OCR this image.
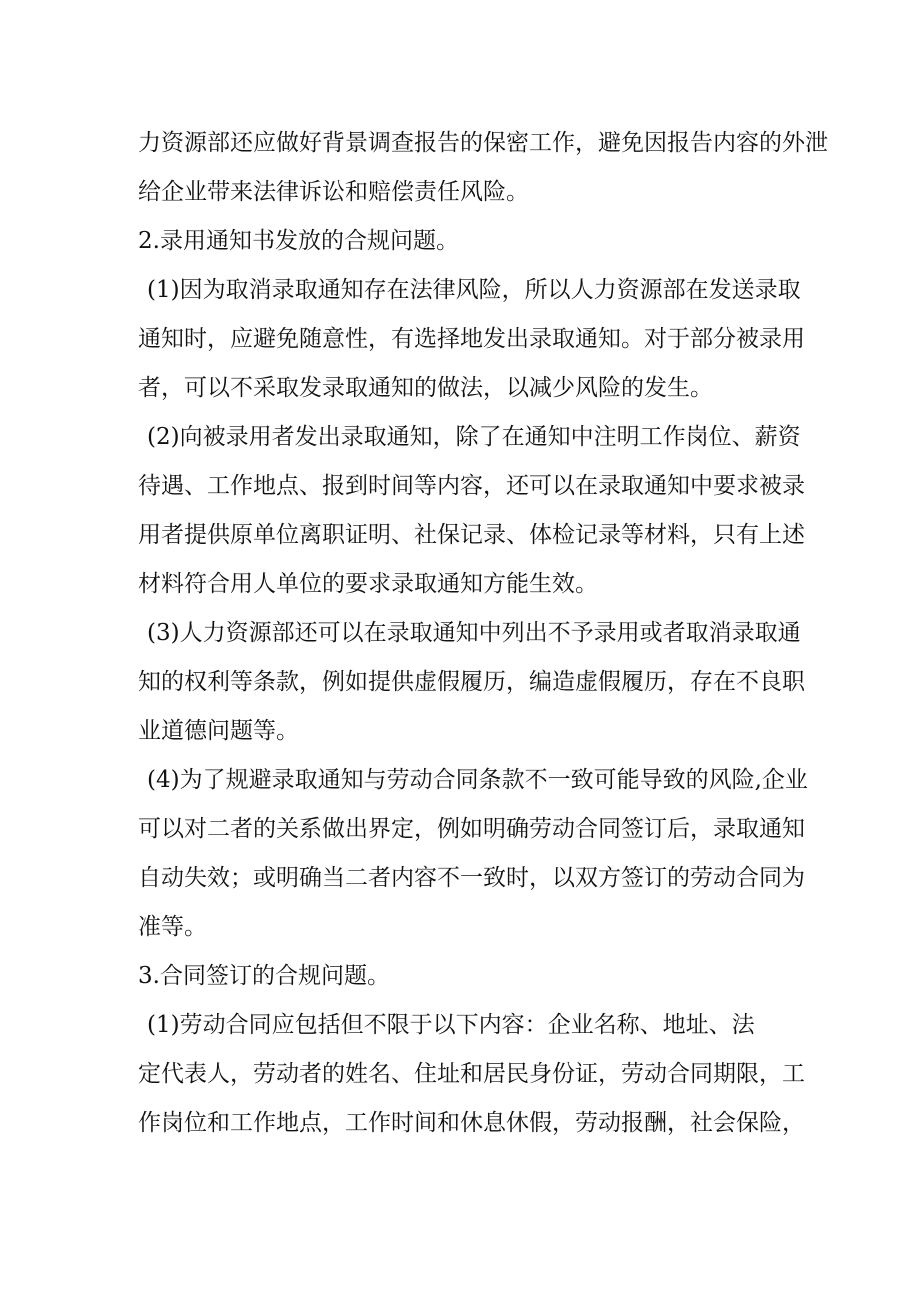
力资源部还应做好背景调查报告的保密工作，避免因报告内容的外泄
给企业带来法律诉讼和赔偿责任风险。
2.录用通知书发放的合规问题。
(1)因为取消录取通知存在法律风险，所以人力资源部在发送录取
通知时，应避免随意性，有选择地发出录取通知。对于部分被录用
者，可以不采取发录取通知的做法，以减少风险的发生。
(2)向被录用者发出录取通知，除了在通知中注明工作岗位、薪资
待遇、工作地点、报到时间等内容，还可以在录取通知中要求被录
用者提供原单位离职证明、社保记录、体检记录等材料，只有上述
材料符合用人单位的要求录取通知方能生效。
(3)人力资源部还可以在录取通知中列出不予录用或者取消录取通
知的权利等条款，例如提供虚假履历，编造虚假履历，存在不良职
业道德问题等。
(4)为了规避录取通知与劳动合同条款不一致可能导致的风险,企业
可以对二者的关系做出界定，例如明确劳动合同签订后，录取通知
自动失效；或明确当二者内容不一致时，以双方签订的劳动合同为
准等。
3.合同签订的合规问题。
(1)劳动合同应包括但不限于以下内容：企业名称、地址、法
定代表人，劳动者的姓名、住址和居民身份证，劳动合同期限，工
作岗位和工作地点，工作时间和休息休假，劳动报酬，社会保险，
